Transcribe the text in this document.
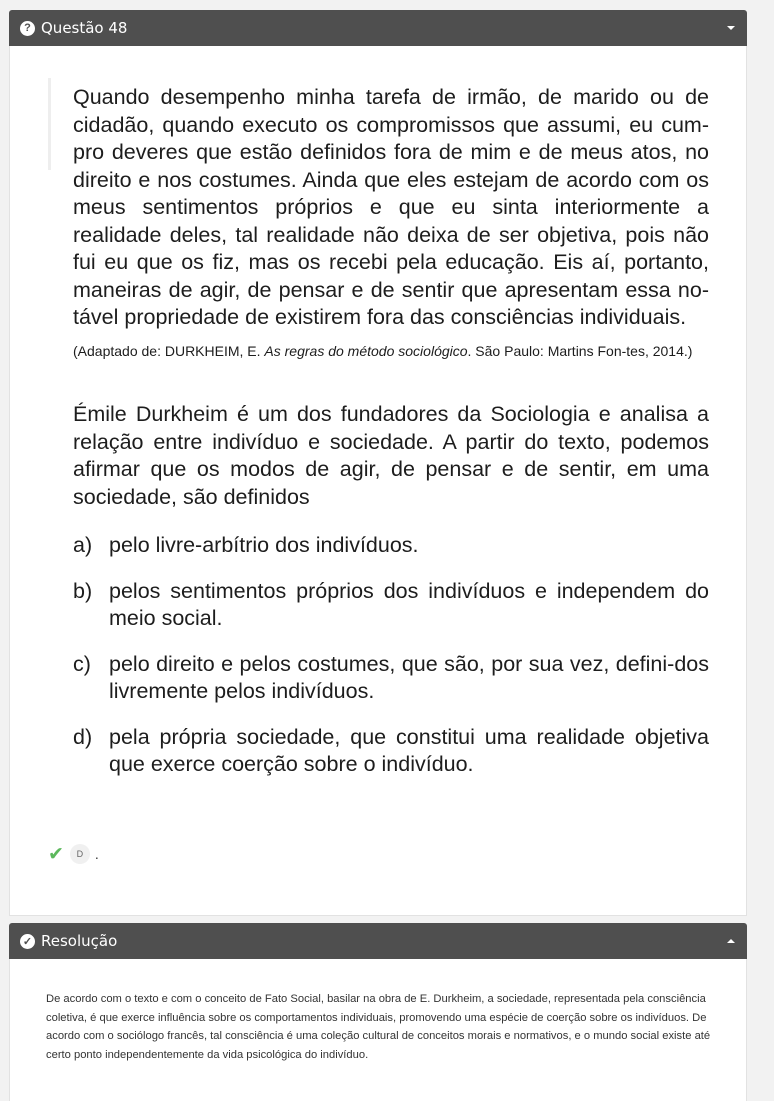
? Questão 48

Quando desempenho minha tarefa de irmão, de marido ou de cidadão, quando executo os compromissos que assumi, eu cum-pro deveres que estão definidos fora de mim e de meus atos, no direito e nos costumes. Ainda que eles estejam de acordo com os meus sentimentos próprios e que eu sinta interiormente a realidade deles, tal realidade não deixa de ser objetiva, pois não fui eu que os fiz, mas os recebi pela educação. Eis aí, portanto, maneiras de agir, de pensar e de sentir que apresentam essa no-tável propriedade de existirem fora das consciências individuais.

(Adaptado de: DURKHEIM, E. As regras do método sociológico. São Paulo: Martins Fon-tes, 2014.)

Émile Durkheim é um dos fundadores da Sociologia e analisa a relação entre indivíduo e sociedade. A partir do texto, podemos afirmar que os modos de agir, de pensar e de sentir, em uma sociedade, são definidos

a) pelo livre-arbítrio dos indivíduos.
b) pelos sentimentos próprios dos indivíduos e independem do meio social.
c) pelo direito e pelos costumes, que são, por sua vez, defini-dos livremente pelos indivíduos.
d) pela própria sociedade, que constitui uma realidade objetiva que exerce coerção sobre o indivíduo.
✔	D .
✓ Resolução

De acordo com o texto e com o conceito de Fato Social, basilar na obra de E. Durkheim, a sociedade, representada pela consciência coletiva, é que exerce influência sobre os comportamentos individuais, promovendo uma espécie de coerção sobre os indivíduos. De acordo com o sociólogo francês, tal consciência é uma coleção cultural de conceitos morais e normativos, e o mundo social existe até certo ponto independentemente da vida psicológica do indivíduo.
